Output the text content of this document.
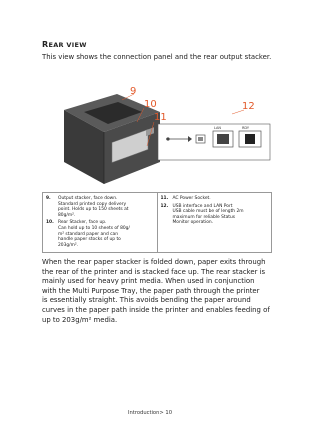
REAR VIEW
This view shows the connection panel and the rear output stacker.
LAN	RDY
9
10
11
12
9.	Output stacker, face down.
Standard printed copy delivery
point. Holds up to 150 sheets at
80g/m².
10. Rear Stacker, face up.
Can hold up to 10 sheets of 80g/
m² standard paper and can
handle paper stocks of up to
203g/m².
11. AC Power Socket.
12. USB interface and LAN Port
USB cable must be of length 2m
maximum for reliable Status
Monitor operation.
When the rear paper stacker is folded down, paper exits through
the rear of the printer and is stacked face up. The rear stacker is
mainly used for heavy print media. When used in conjunction
with the Multi Purpose Tray, the paper path through the printer
is essentially straight. This avoids bending the paper around
curves in the paper path inside the printer and enables feeding of
up to 203g/m² media.
Introduction> 10
